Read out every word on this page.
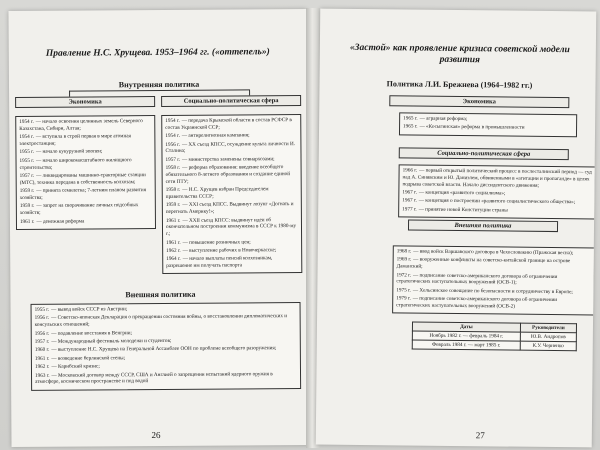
Правление Н.С. Хрущева. 1953–1964 гг. («оттепель»)
Внутренняя политика
Экономика
1954 г. — начало освоения целинных земель Северного Казахстана, Сибири, Алтая;
1954 г. — вступила в строй первая в мире атомная электростанция;
1955 г. — начало кукурузной эпопеи;
1955 г. — начало широкомасштабного жилищного строительства;
1957 г. — ликвидированы машинно-тракторные станции (МТС), техника передана в собственность колхозам;
1959 г. — принята семилетка; 7-летним планом развития хозяйства;
1959 г. — запрет на сворачивание личных подсобных хозяйств;
1961 г. — денежная реформа
Социально-политическая сфера
1954 г. — передача Крымской области в состав РСФСР в состав Украинской ССР;
1954 г. — антирелигиозная кампания;
1956 г. — XX съезд КПСС, осуждение культа личности И. Сталина;
1957 г. — министерства заменены совнархозами;
1958 г. — реформа образования: введение всеобщего обязательного 8-летнего образования и создание единой сети ПТУ;
1958 г. — Н.С. Хрущев избран Председателем правительства СССР;
1959 г. — XXI съезд КПСС. Выдвинут лозунг «Догнать и перегнать Америку!»;
1961 г. — XXII съезд КПСС: выдвинут идеи об окончательном построении коммунизма в СССР к 1980-му г.;
1961 г. — повышение розничных цен;
1962 г. — выступление рабочих в Новочеркасске;
1964 г. — начало выплаты пенсий колхозникам, разрешение им получать паспорта
Внешняя политика
1955 г. — вывод войск СССР из Австрии;
1956 г. — Советско-японская Декларация о прекращении состояния войны, о восстановлении дипломатических и консульских отношений;
1956 г. — подавление восстания в Венгрии;
1957 г. — Международный фестиваль молодежи и студентов;
1960 г. — выступление Н.С. Хрущева на Генеральной Ассамблее ООН по проблеме всеобщего разоружения;
1961 г. — возведение берлинской стены;
1962 г. — Карибский кризис;
1963 г. — Московский договор между СССР, США и Англией о запрещении испытаний ядерного оружия в атмосфере, космическом пространстве и под водой
26
«Застой» как проявление кризиса советской модели развития
Политика Л.И. Брежнева (1964–1982 гг.)
Экономика
1965 г. — аграрная реформа;
1965 г. — «Косыгинская» реформа в промышленности
Социально-политическая сфера
1966 г. — первый открытый политический процесс в послесталинский период — суд над А. Синявским и Ю. Даниэлем, обвиненными в «агитации и пропаганде» в целях подрыва советской власти. Начало диссидентского движения;
1967 г. — концепция «развитого социализма»;
1967 г. — концепция о построении «развитого социалистического общества»;
1977 г. — принятие новой Конституции страны
Внешняя политика
1968 г. — ввод войск Варшавского договора в Чехословакию (Пражская весна);
1969 г. — вооруженные конфликты на советско-китайской границе на острове Даманский;
1972 г. — подписание советско-американского договора об ограничении стратегических наступательных вооружений (ОСВ-1);
1975 г. — Хельсинское совещание по безопасности и сотрудничеству в Европе;
1979 г. — подписание советско-американского договора об ограничении стратегических наступательных вооружений (ОСВ-2)
Даты	Руководители
Ноябрь 1982 г. — февраль 1984 г.	Ю.В. Андропов
Февраль 1984 г. — март 1985 г.	К.У. Черненко
27
